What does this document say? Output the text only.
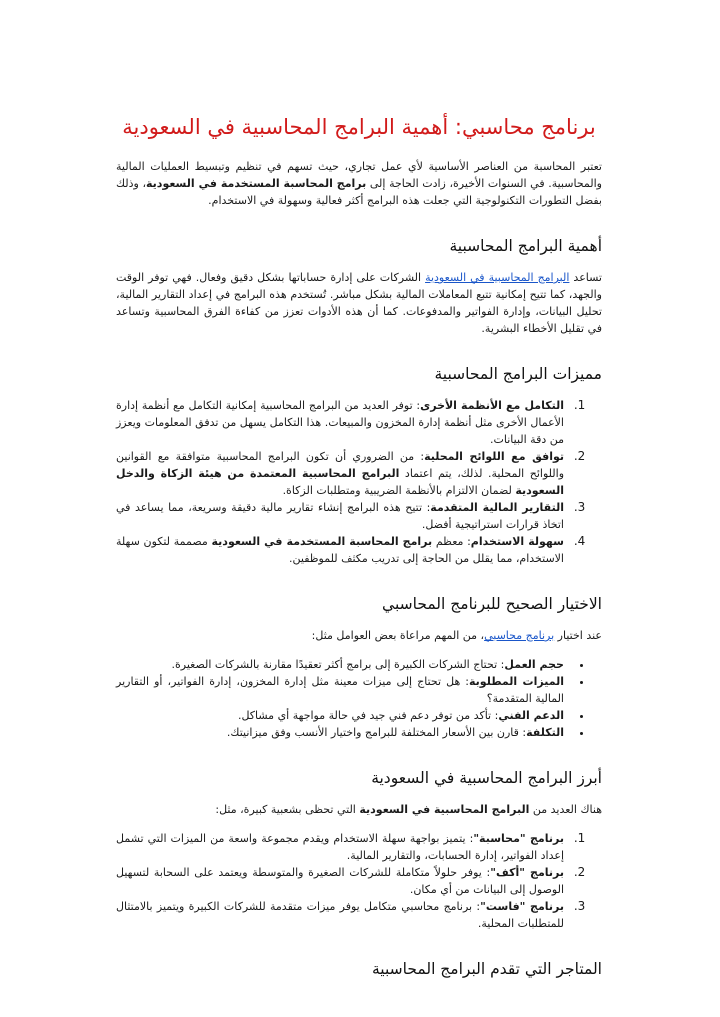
برنامج محاسبي: أهمية البرامج المحاسبية في السعودية

تعتبر المحاسبة من العناصر الأساسية لأي عمل تجاري، حيث تسهم في تنظيم وتبسيط العمليات المالية والمحاسبية. في السنوات الأخيرة، زادت الحاجة إلى برامج المحاسبة المستخدمة في السعودية، وذلك بفضل التطورات التكنولوجية التي جعلت هذه البرامج أكثر فعالية وسهولة في الاستخدام.

أهمية البرامج المحاسبية

تساعد البرامج المحاسبية في السعودية الشركات على إدارة حساباتها بشكل دقيق وفعال. فهي توفر الوقت والجهد، كما تتيح إمكانية تتبع المعاملات المالية بشكل مباشر. تُستخدم هذه البرامج في إعداد التقارير المالية، تحليل البيانات، وإدارة الفواتير والمدفوعات. كما أن هذه الأدوات تعزز من كفاءة الفرق المحاسبية وتساعد في تقليل الأخطاء البشرية.

مميزات البرامج المحاسبية
1. التكامل مع الأنظمة الأخرى: توفر العديد من البرامج المحاسبية إمكانية التكامل مع أنظمة إدارة الأعمال الأخرى مثل أنظمة إدارة المخزون والمبيعات. هذا التكامل يسهل من تدفق المعلومات ويعزز من دقة البيانات.
2. توافق مع اللوائح المحلية: من الضروري أن تكون البرامج المحاسبية متوافقة مع القوانين واللوائح المحلية. لذلك، يتم اعتماد البرامج المحاسبية المعتمدة من هيئة الزكاة والدخل السعودية لضمان الالتزام بالأنظمة الضريبية ومتطلبات الزكاة.
3. التقارير المالية المتقدمة: تتيح هذه البرامج إنشاء تقارير مالية دقيقة وسريعة، مما يساعد في اتخاذ قرارات استراتيجية أفضل.
4. سهولة الاستخدام: معظم برامج المحاسبة المستخدمة في السعودية مصممة لتكون سهلة الاستخدام، مما يقلل من الحاجة إلى تدريب مكثف للموظفين.
الاختيار الصحيح للبرنامج المحاسبي

عند اختيار برنامج محاسبي، من المهم مراعاة بعض العوامل مثل:

• حجم العمل: تحتاج الشركات الكبيرة إلى برامج أكثر تعقيدًا مقارنة بالشركات الصغيرة.
• الميزات المطلوبة: هل تحتاج إلى ميزات معينة مثل إدارة المخزون، إدارة الفواتير، أو التقارير المالية المتقدمة؟
• الدعم الفني: تأكد من توفر دعم فني جيد في حالة مواجهة أي مشاكل.
• التكلفة: قارن بين الأسعار المختلفة للبرامج واختيار الأنسب وفق ميزانيتك.
أبرز البرامج المحاسبية في السعودية

هناك العديد من البرامج المحاسبية في السعودية التي تحظى بشعبية كبيرة، مثل:

1. برنامج "محاسبة": يتميز بواجهة سهلة الاستخدام ويقدم مجموعة واسعة من الميزات التي تشمل إعداد الفواتير، إدارة الحسابات، والتقارير المالية.
2. برنامج "أكف": يوفر حلولاً متكاملة للشركات الصغيرة والمتوسطة ويعتمد على السحابة لتسهيل الوصول إلى البيانات من أي مكان.
3. برنامج "فاست": برنامج محاسبي متكامل يوفر ميزات متقدمة للشركات الكبيرة ويتميز بالامتثال للمتطلبات المحلية.
المتاجر التي تقدم البرامج المحاسبية
